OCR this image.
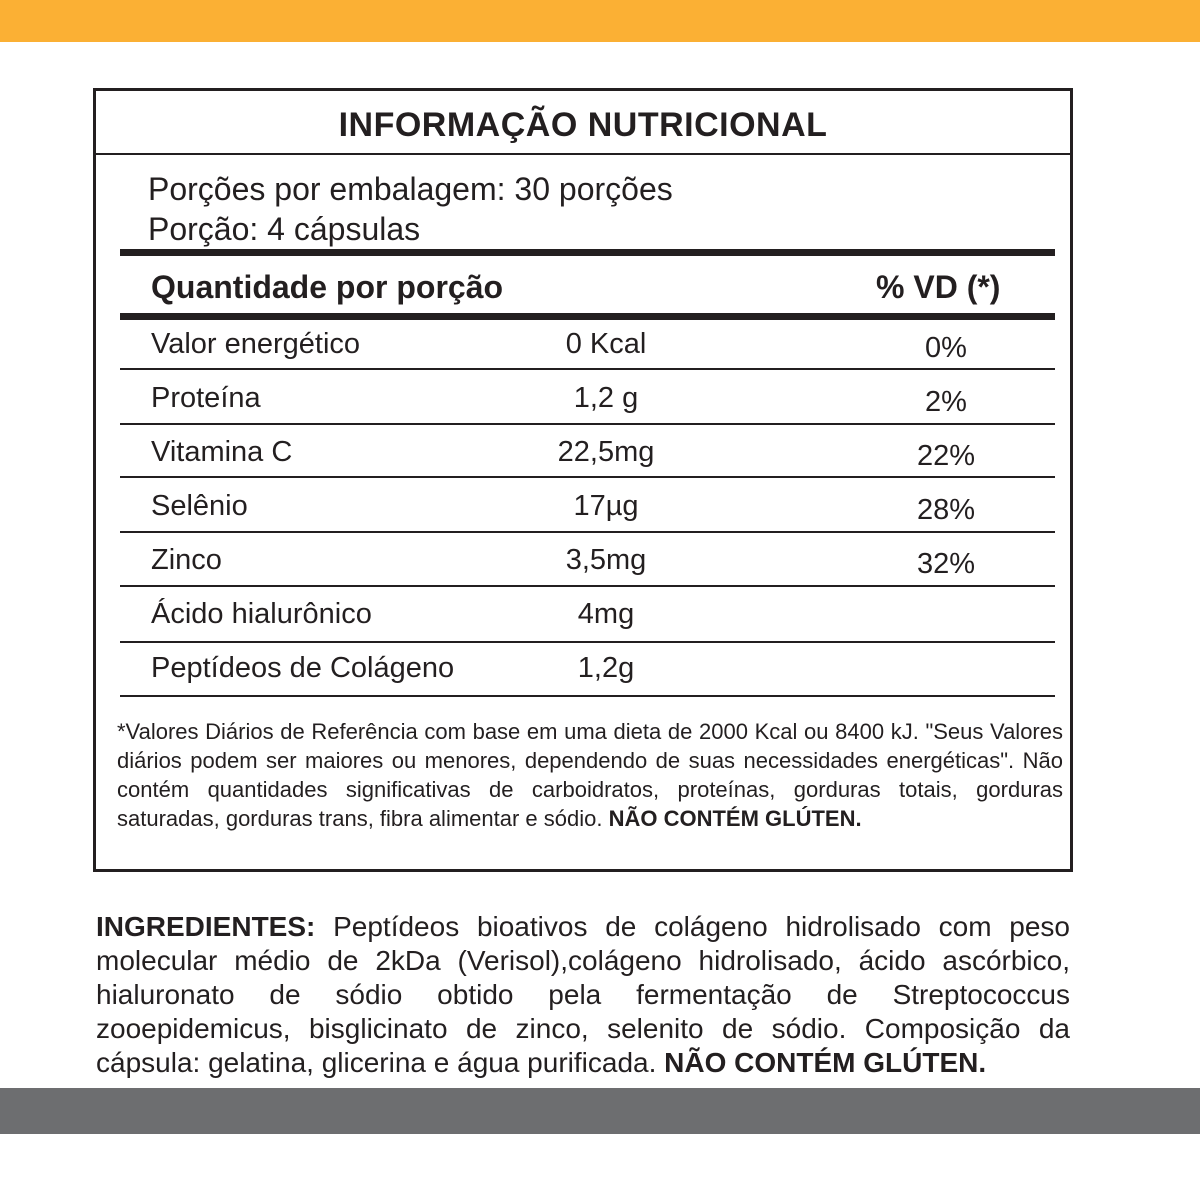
INFORMAÇÃO NUTRICIONAL
Porções por embalagem: 30 porções
Porção: 4 cápsulas
Quantidade por porção	% VD (*)
Valor energético	0 Kcal	0%
Proteína	1,2 g	2%
Vitamina C	22,5mg	22%
Selênio	17µg	28%
Zinco	3,5mg	32%
Ácido hialurônico	4mg
Peptídeos de Colágeno	1,2g
*Valores Diários de Referência com base em uma dieta de 2000 Kcal ou 8400 kJ. "Seus Valores diários podem ser maiores ou menores, dependendo de suas necessidades energéticas". Não contém quantidades significativas de carboidratos, proteínas, gorduras totais, gorduras saturadas, gorduras trans, fibra alimentar e sódio. NÃO CONTÉM GLÚTEN.
INGREDIENTES: Peptídeos bioativos de colágeno hidrolisado com peso molecular médio de 2kDa (Verisol),colágeno hidrolisado, ácido ascórbico, hialuronato de sódio obtido pela fermentação de Streptococcus zooepidemicus, bisglicinato de zinco, selenito de sódio. Composição da cápsula: gelatina, glicerina e água purificada. NÃO CONTÉM GLÚTEN.
